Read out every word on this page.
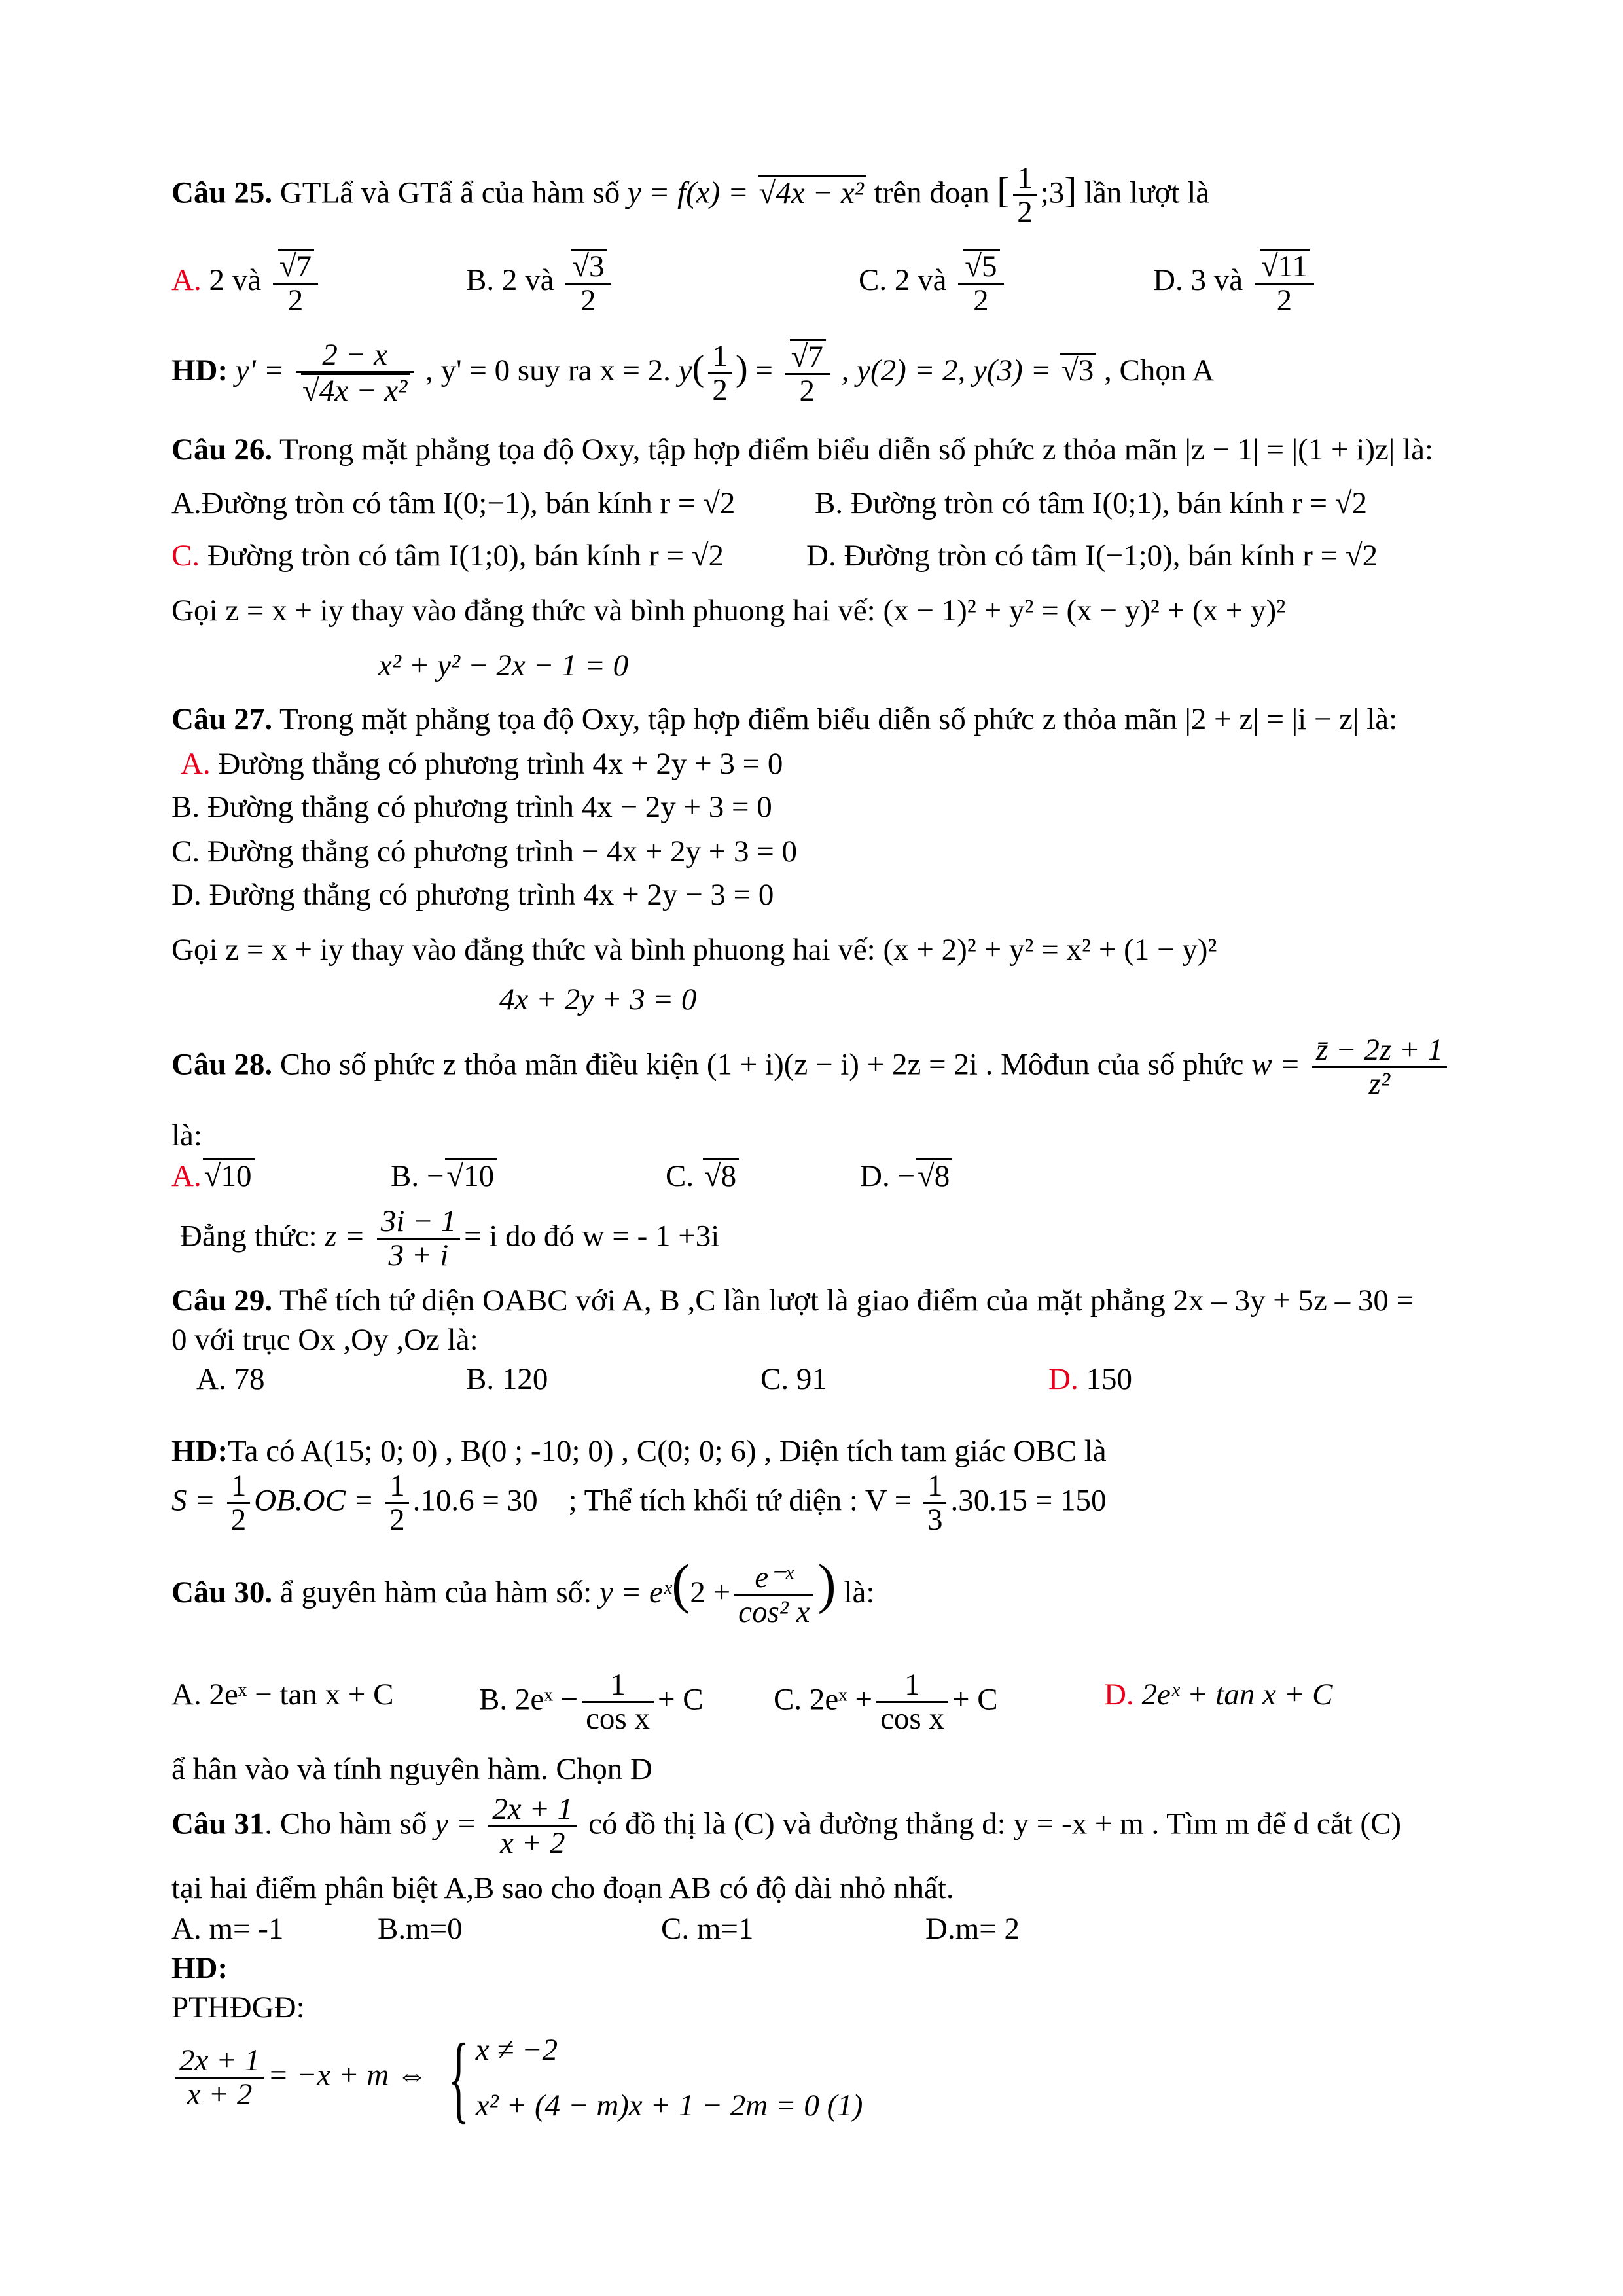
Câu 25. GTLẩ và GTẩ ẩ của hàm số y = f(x) = √ 4x − x² trên đoạn [ $\frac{1}{2}$ ;3] lần lượt là
A. 2 và √ $\frac{7}{2}$	B. 2 và √ $\frac{3}{2}$	C. 2 và √ $\frac{5}{2}$	D. 3 và √ $\frac{11}{2}$
HD: y' = 2 − x
√ 4x − x² , y' = 0 suy ra x = 2. $y( \frac{1}{2}$ ) = √ $\frac{7}{2}$ , y(2) = 2, y(3) = √ 3 , Chọn A
Câu 26. Trong mặt phẳng tọa độ Oxy, tập hợp điểm biểu diễn số phức z thỏa mãn |z − 1| = |(1 + i)z| là:
A.Đường tròn có tâm I(0;−1), bán kính r = √2	B. Đường tròn có tâm I(0;1), bán kính r = √2
C. Đường tròn có tâm I(1;0), bán kính r = √2	D. Đường tròn có tâm I(−1;0), bán kính r = √2
Gọi z = x + iy thay vào đẳng thức và bình phuong hai vế: (x − 1)² + y² = (x − y)² + (x + y)²
x² + y² − 2x − 1 = 0
Câu 27. Trong mặt phẳng tọa độ Oxy, tập hợp điểm biểu diễn số phức z thỏa mãn |2 + z| = |i − z| là:
A. Đường thẳng có phương trình 4x + 2y + 3 = 0
B. Đường thẳng có phương trình 4x − 2y + 3 = 0
C. Đường thẳng có phương trình − 4x + 2y + 3 = 0
D. Đường thẳng có phương trình 4x + 2y − 3 = 0
Gọi z = x + iy thay vào đẳng thức và bình phuong hai vế: (x + 2)² + y² = x² + (1 − y)²
4x + 2y + 3 = 0
Câu 28. Cho số phức z thỏa mãn điều kiện (1 + i)(z − i) + 2z = 2i . Môđun của số phức $w = \frac{z̄ - 2z + 1}{\text{z²}}$
là:
A. √ 10	B. − √ 10	C. √ 8	D. − √ 8
Đẳng thức: $z = \frac{3i - 1}{3 + i} = i$ do đó w = - 1 +3i
Câu 29. Thể tích tứ diện OABC với A, B ,C lần lượt là giao điểm của mặt phẳng 2x – 3y + 5z – 30 =
0 với trục Ox ,Oy ,Oz là:
A. 78	B. 120	C. 91	D. 150
HD:Ta có A(15; 0; 0) , B(0 ; -10; 0) , C(0; 0; 6) , Diện tích tam giác OBC là
$S = \frac{1}{2} OB.OC = \frac{1}{2} .10.6 = 30$ ; Thể tích khối tứ diện : $V = \frac{1}{3} .30.15 = 150$
Câu 30. ẩ guyên hàm của hàm số: y = eˣ(2 + $\frac{\text{e⁻ˣ}}{\text{cos² x}}$ ) là:
A. 2eˣ − tan x + C	B. 2eˣ − $\frac{1}{\text{cos x}} + C$ C. 2eˣ + $\frac{1}{\text{cos x}} + C$	D. 2eˣ + tan x + C
ẩ hân vào và tính nguyên hàm. Chọn D
Câu 31. Cho hàm số $y = \frac{2x + 1}{x + 2}$ có đồ thị là (C) và đường thẳng d: y = -x + m . Tìm m để d cắt (C)
tại hai điểm phân biệt A,B sao cho đoạn AB có độ dài nhỏ nhất.
A. m= -1	B.m=0	C. m=1	D.m= 2
HD:
PTHĐGĐ:
$\frac{2x + 1}{x + 2} = -x + m$ ⇔ { x ≠ −2
x² + (4 − m)x + 1 − 2m = 0 (1)
